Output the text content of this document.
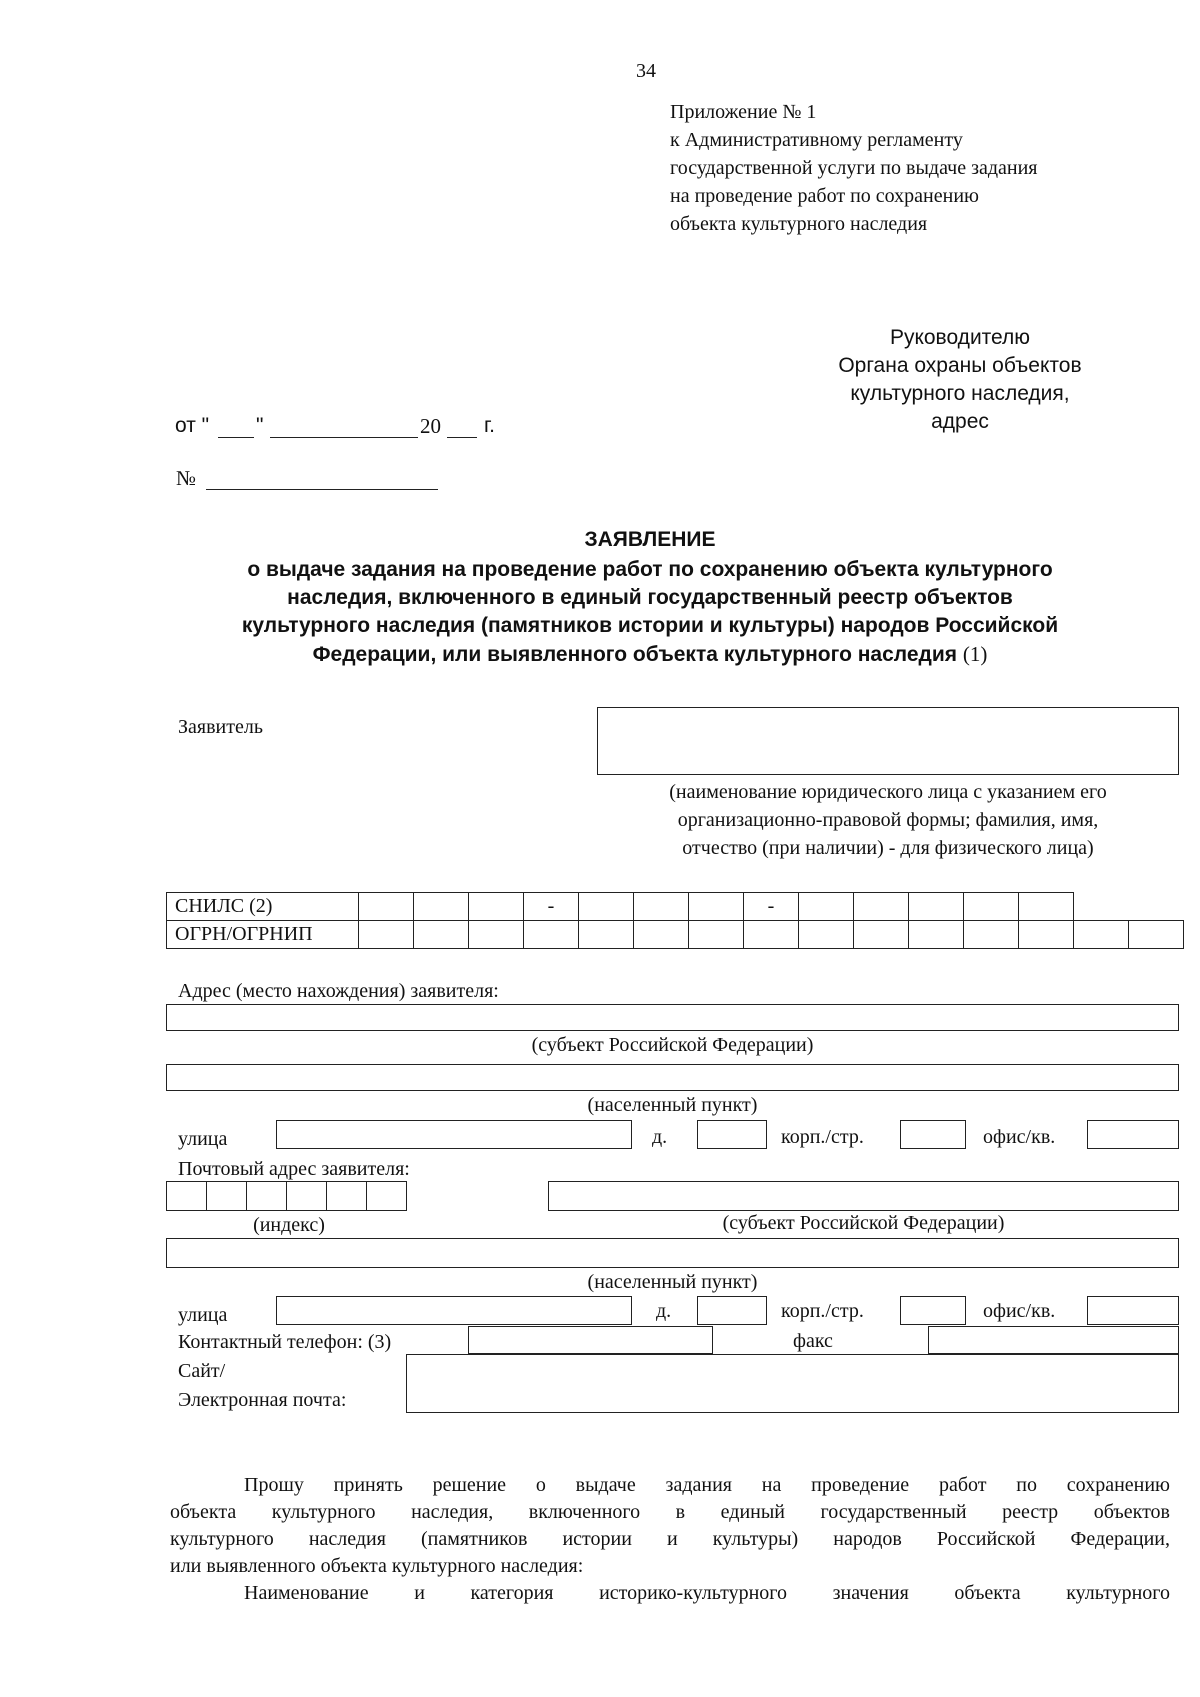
34
Приложение № 1
к Административному регламенту
государственной услуги по выдаче задания
на проведение работ по сохранению
объекта культурного наследия
Руководителю
Органа охраны объектов
культурного наследия,
адрес
от " "	20 г.
№
ЗАЯВЛЕНИЕ
о выдаче задания на проведение работ по сохранению объекта культурного
наследия, включенного в единый государственный реестр объектов
культурного наследия (памятников истории и культуры) народов Российской
Федерации, или выявленного объекта культурного наследия (1)
Заявитель
(наименование юридического лица с указанием его
организационно-правовой формы; фамилия, имя,
отчество (при наличии) - для физического лица)
СНИЛС (2)				-				-					
ОГРН/ОГРНИП															
Адрес (место нахождения) заявителя:
(субъект Российской Федерации)
(населенный пункт)
улица	д.	корп./стр.	офис/кв.
Почтовый адрес заявителя:

(индекс)	(субъект Российской Федерации)
(населенный пункт)
улица	д.	корп./стр.	офис/кв.
Контактный телефон: (3)	факс
Сайт/
Электронная почта:
Прошу принять решение о выдаче задания на проведение работ по сохранению
объекта культурного наследия, включенного в единый государственный реестр объектов
культурного наследия (памятников истории и культуры) народов Российской Федерации,
или выявленного объекта культурного наследия:
Наименование и категория историко-культурного значения объекта культурного
